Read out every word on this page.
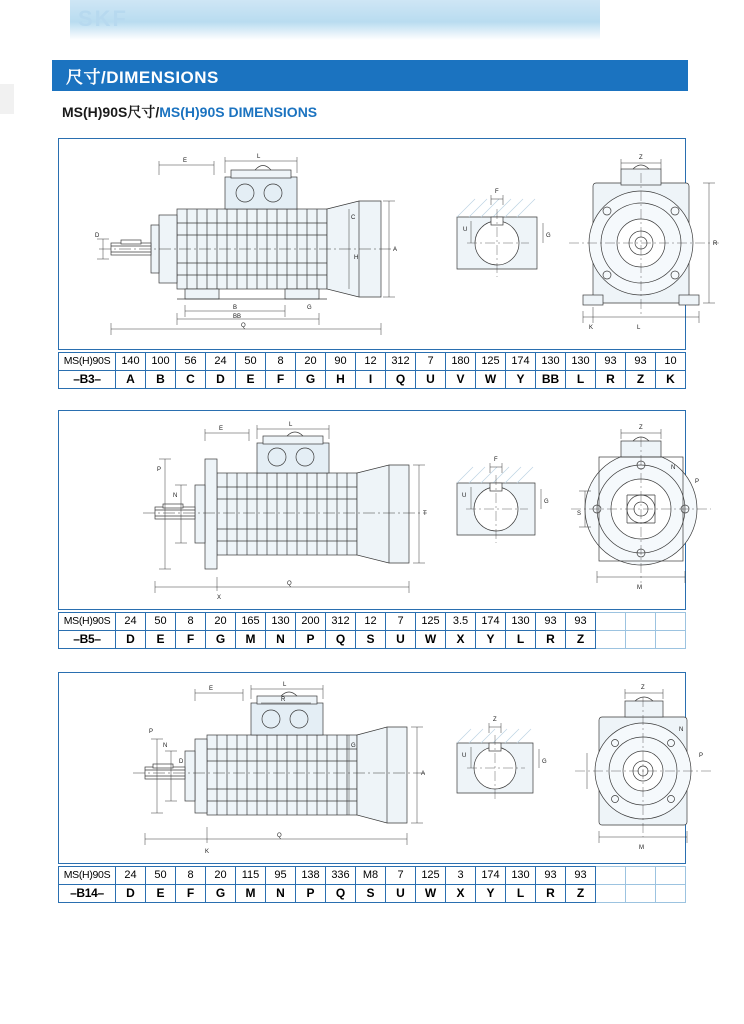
SKF
尺寸/DIMENSIONS
MS(H)90S尺寸/MS(H)90S DIMENSIONS
L
E
B
BB
Q
C
D
H
G
A
F
U
G
Z
K	L
R
MS(H)90S	140	100	56	24	50	8	20	90	12	312	7	180	125	174	130	130	93	93	10
–B3–	A	B	C	D	E	F	G	H	I	Q	U	V	W	Y	BB	L	R	Z	K
L
E
P
N
X
Q
T
F
U
G
Z
S
M
N
P
MS(H)90S	24	50	8	20	165	130	200	312	12	7	125	3.5	174	130	93	93			
–B5–	D	E	F	G	M	N	P	Q	S	U	W	X	Y	L	R	Z			
L
E
R
P
N
D
G
Q
A
K
Z
U
G
Z
M
N
P
MS(H)90S	24	50	8	20	115	95	138	336	M8	7	125	3	174	130	93	93			
–B14–	D	E	F	G	M	N	P	Q	S	U	W	X	Y	L	R	Z			
